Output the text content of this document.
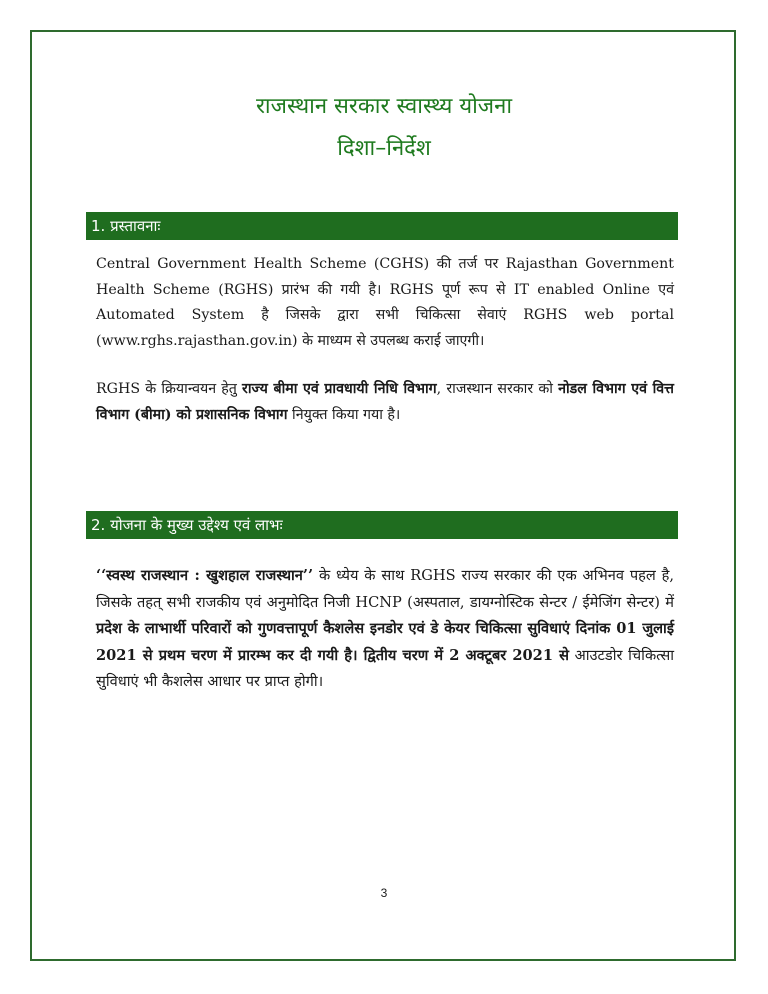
राजस्थान सरकार स्वास्थ्य योजना
दिशा–निर्देश
1. प्रस्तावनाः
Central Government Health Scheme (CGHS) की तर्ज पर Rajasthan Government Health Scheme (RGHS) प्रारंभ की गयी है। RGHS पूर्ण रूप से IT enabled Online एवं Automated System है जिसके द्वारा सभी चिकित्सा सेवाएं RGHS web portal (www.rghs.rajasthan.gov.in) के माध्यम से उपलब्ध कराई जाएगी।
RGHS के क्रियान्वयन हेतु राज्य बीमा एवं प्रावधायी निधि विभाग, राजस्थान सरकार को नोडल विभाग एवं वित्त विभाग (बीमा) को प्रशासनिक विभाग नियुक्त किया गया है।
2. योजना के मुख्य उद्देश्य एवं लाभः
‘‘स्वस्थ राजस्थान : खुशहाल राजस्थान’’ के ध्येय के साथ RGHS राज्य सरकार की एक अभिनव पहल है, जिसके तहत् सभी राजकीय एवं अनुमोदित निजी HCNP (अस्पताल, डायग्नोस्टिक सेन्टर / ईमेजिंग सेन्टर) में प्रदेश के लाभार्थी परिवारों को गुणवत्तापूर्ण कैशलेस इनडोर एवं डे केयर चिकित्सा सुविधाएं दिनांक 01 जुलाई 2021 से प्रथम चरण में प्रारम्भ कर दी गयी है। द्वितीय चरण में 2 अक्टूबर 2021 से आउटडोर चिकित्सा सुविधाएं भी कैशलेस आधार पर प्राप्त होगी।
3
